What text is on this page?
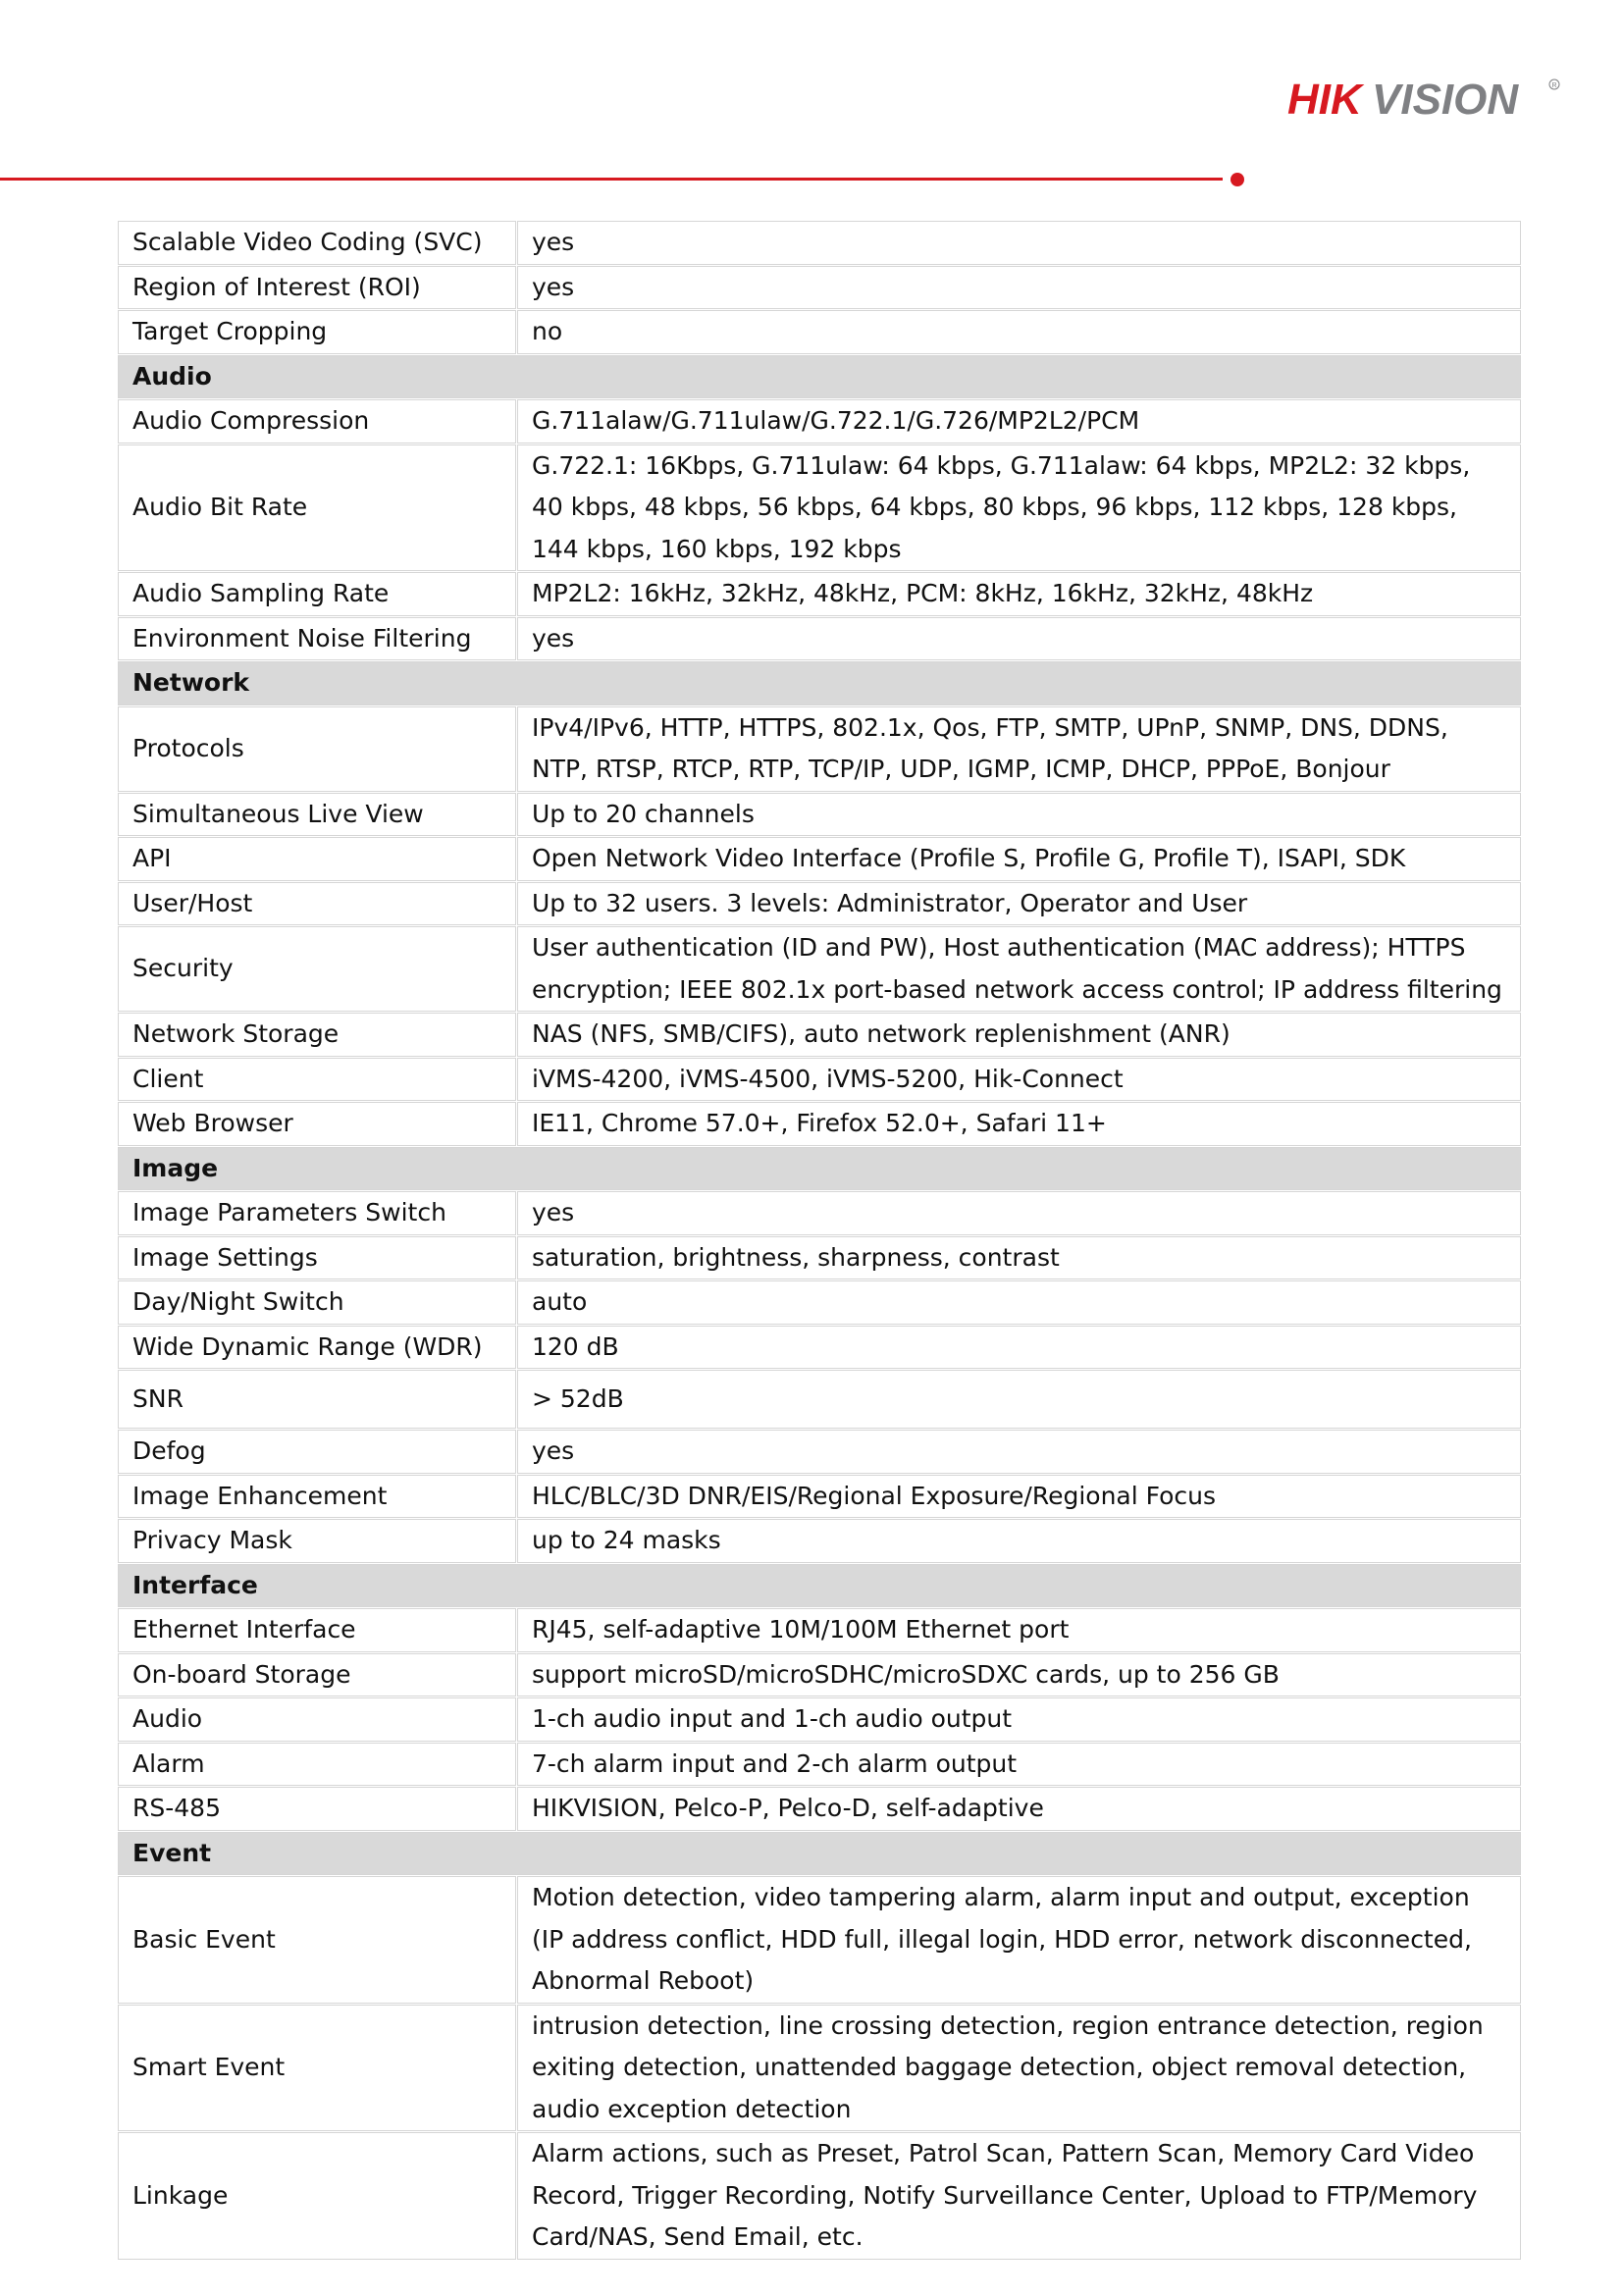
HIK VISION	R
Scalable Video Coding (SVC)	yes
Region of Interest (ROI)	yes
Target Cropping	no
Audio	
Audio Compression	G.711alaw/G.711ulaw/G.722.1/G.726/MP2L2/PCM
Audio Bit Rate	G.722.1: 16Kbps, G.711ulaw: 64 kbps, G.711alaw: 64 kbps, MP2L2: 32 kbps, 40 kbps, 48 kbps, 56 kbps, 64 kbps, 80 kbps, 96 kbps, 112 kbps, 128 kbps, 144 kbps, 160 kbps, 192 kbps
Audio Sampling Rate	MP2L2: 16kHz, 32kHz, 48kHz, PCM: 8kHz, 16kHz, 32kHz, 48kHz
Environment Noise Filtering	yes
Network	
Protocols	IPv4/IPv6, HTTP, HTTPS, 802.1x, Qos, FTP, SMTP, UPnP, SNMP, DNS, DDNS, NTP, RTSP, RTCP, RTP, TCP/IP, UDP, IGMP, ICMP, DHCP, PPPoE, Bonjour
Simultaneous Live View	Up to 20 channels
API	Open Network Video Interface (Profile S, Profile G, Profile T), ISAPI, SDK
User/Host	Up to 32 users. 3 levels: Administrator, Operator and User
Security	User authentication (ID and PW), Host authentication (MAC address); HTTPS encryption; IEEE 802.1x port-based network access control; IP address filtering
Network Storage	NAS (NFS, SMB/CIFS), auto network replenishment (ANR)
Client	iVMS-4200, iVMS-4500, iVMS-5200, Hik-Connect
Web Browser	IE11, Chrome 57.0+, Firefox 52.0+, Safari 11+
Image	
Image Parameters Switch	yes
Image Settings	saturation, brightness, sharpness, contrast
Day/Night Switch	auto
Wide Dynamic Range (WDR)	120 dB
SNR	> 52dB
Defog	yes
Image Enhancement	HLC/BLC/3D DNR/EIS/Regional Exposure/Regional Focus
Privacy Mask	up to 24 masks
Interface	
Ethernet Interface	RJ45, self-adaptive 10M/100M Ethernet port
On-board Storage	support microSD/microSDHC/microSDXC cards, up to 256 GB
Audio	1-ch audio input and 1-ch audio output
Alarm	7-ch alarm input and 2-ch alarm output
RS-485	HIKVISION, Pelco-P, Pelco-D, self-adaptive
Event	
Basic Event	Motion detection, video tampering alarm, alarm input and output, exception (IP address conflict, HDD full, illegal login, HDD error, network disconnected, Abnormal Reboot)
Smart Event	intrusion detection, line crossing detection, region entrance detection, region exiting detection, unattended baggage detection, object removal detection, audio exception detection
Linkage	Alarm actions, such as Preset, Patrol Scan, Pattern Scan, Memory Card Video Record, Trigger Recording, Notify Surveillance Center, Upload to FTP/Memory Card/NAS, Send Email, etc.
